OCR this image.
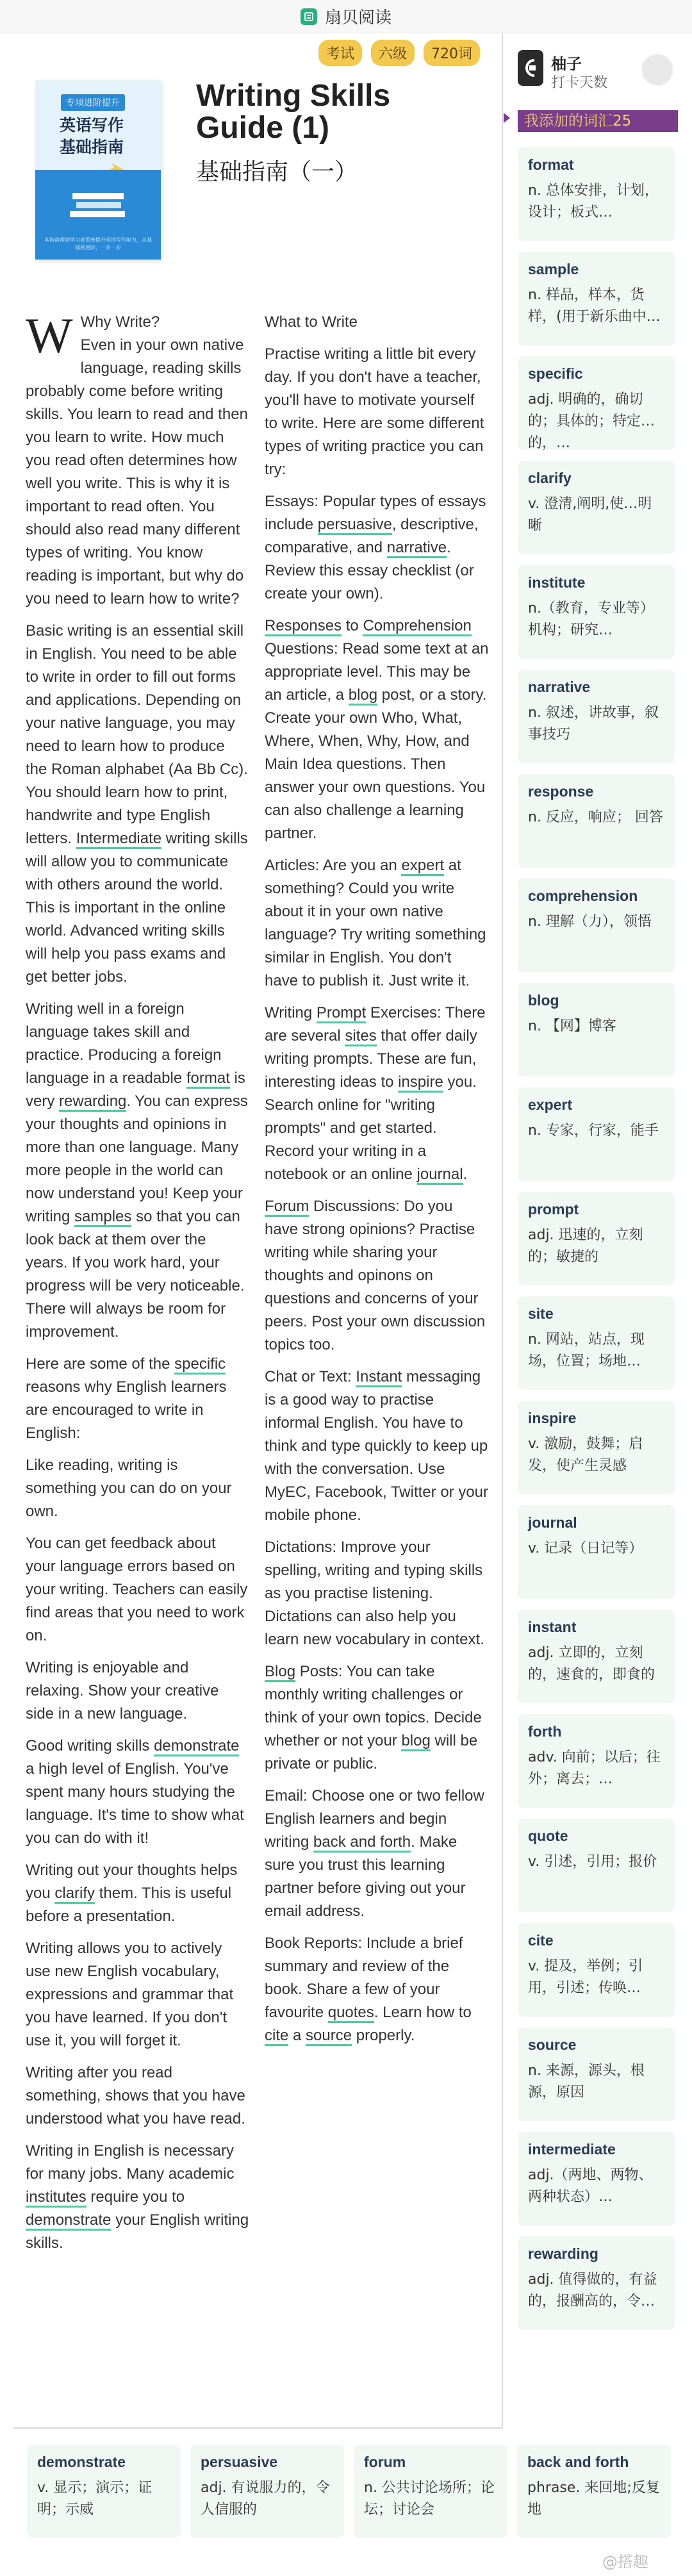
扇贝阅读
专项进阶提升
英语写作
基础指南
本指南帮助学习者系统提升英语写作能力，从基础到进阶，一步一步
考试	六级	720词
Writing Skills Guide (1)
基础指南（一）

W Why Write?
Even in your own native language, reading skills probably come before writing skills. You learn to read and then you learn to write. How much you read often determines how well you write. This is why it is important to read often. You should also read many different types of writing. You know reading is important, but why do you need to learn how to write?

Basic writing is an essential skill in English. You need to be able to write in order to fill out forms and applications. Depending on your native language, you may need to learn how to produce the Roman alphabet (Aa Bb Cc). You should learn how to print, handwrite and type English letters. Intermediate writing skills will allow you to communicate with others around the world. This is important in the online world. Advanced writing skills will help you pass exams and get better jobs.

Writing well in a foreign language takes skill and practice. Producing a foreign language in a readable format is very rewarding. You can express your thoughts and opinions in more than one language. Many more people in the world can now understand you! Keep your writing samples so that you can look back at them over the years. If you work hard, your progress will be very noticeable. There will always be room for improvement.

Here are some of the specific reasons why English learners are encouraged to write in English:

Like reading, writing is something you can do on your own.

You can get feedback about your language errors based on your writing. Teachers can easily find areas that you need to work on.

Writing is enjoyable and relaxing. Show your creative side in a new language.

Good writing skills demonstrate a high level of English. You've spent many hours studying the language. It's time to show what you can do with it!

Writing out your thoughts helps you clarify them. This is useful before a presentation.

Writing allows you to actively use new English vocabulary, expressions and grammar that you have learned. If you don't use it, you will forget it.

Writing after you read something, shows that you have understood what you have read.

Writing in English is necessary for many jobs. Many academic institutes require you to demonstrate your English writing skills.

What to Write

Practise writing a little bit every day. If you don't have a teacher, you'll have to motivate yourself to write. Here are some different types of writing practice you can try:

Essays: Popular types of essays include persuasive, descriptive, comparative, and narrative. Review this essay checklist (or create your own).

Responses to Comprehension Questions: Read some text at an appropriate level. This may be an article, a blog post, or a story. Create your own Who, What, Where, When, Why, How, and Main Idea questions. Then answer your own questions. You can also challenge a learning partner.

Articles: Are you an expert at something? Could you write about it in your own native language? Try writing something similar in English. You don't have to publish it. Just write it.

Writing Prompt Exercises: There are several sites that offer daily writing prompts. These are fun, interesting ideas to inspire you. Search online for "writing prompts" and get started. Record your writing in a notebook or an online journal.

Forum Discussions: Do you have strong opinions? Practise writing while sharing your thoughts and opinons on questions and concerns of your peers. Post your own discussion topics too.

Chat or Text: Instant messaging is a good way to practise informal English. You have to think and type quickly to keep up with the conversation. Use MyEC, Facebook, Twitter or your mobile phone.

Dictations: Improve your spelling, writing and typing skills as you practise listening. Dictations can also help you learn new vocabulary in context.

Blog Posts: You can take monthly writing challenges or think of your own topics. Decide whether or not your blog will be private or public.

Email: Choose one or two fellow English learners and begin writing back and forth. Make sure you trust this learning partner before giving out your email address.

Book Reports: Include a brief summary and review of the book. Share a few of your favourite quotes. Learn how to cite a source properly.

柚子
打卡天数
我添加的词汇25
format
n. 总体安排，计划，设计；板式…
sample
n. 样品，样本，货样，(用于新乐曲中…
specific
adj. 明确的，确切的；具体的；特定的，…
clarify
v. 澄清,阐明,使…明晰
institute
n.（教育，专业等）机构；研究…
narrative
n. 叙述，讲故事，叙事技巧
response
n. 反应，响应； 回答
comprehension
n. 理解（力），领悟
blog
n. 【网】博客
expert
n. 专家，行家，能手
prompt
adj. 迅速的，立刻的；敏捷的
site
n. 网站，站点，现场，位置；场地…
inspire
v. 激励，鼓舞；启发，使产生灵感
journal
v. 记录（日记等）
instant
adj. 立即的，立刻的，速食的，即食的
forth
adv. 向前；以后；往外；离去；…
quote
v. 引述，引用；报价
cite
v. 提及，举例；引用，引述；传唤…
source
n. 来源，源头，根源，原因
intermediate
adj.（两地、两物、两种状态）…
rewarding
adj. 值得做的，有益的，报酬高的，令…
demonstrate
v. 显示；演示；证明；示威
persuasive
adj. 有说服力的，令人信服的
forum
n. 公共讨论场所；论坛；讨论会
back and forth
phrase. 来回地;反复地
@搭趣
